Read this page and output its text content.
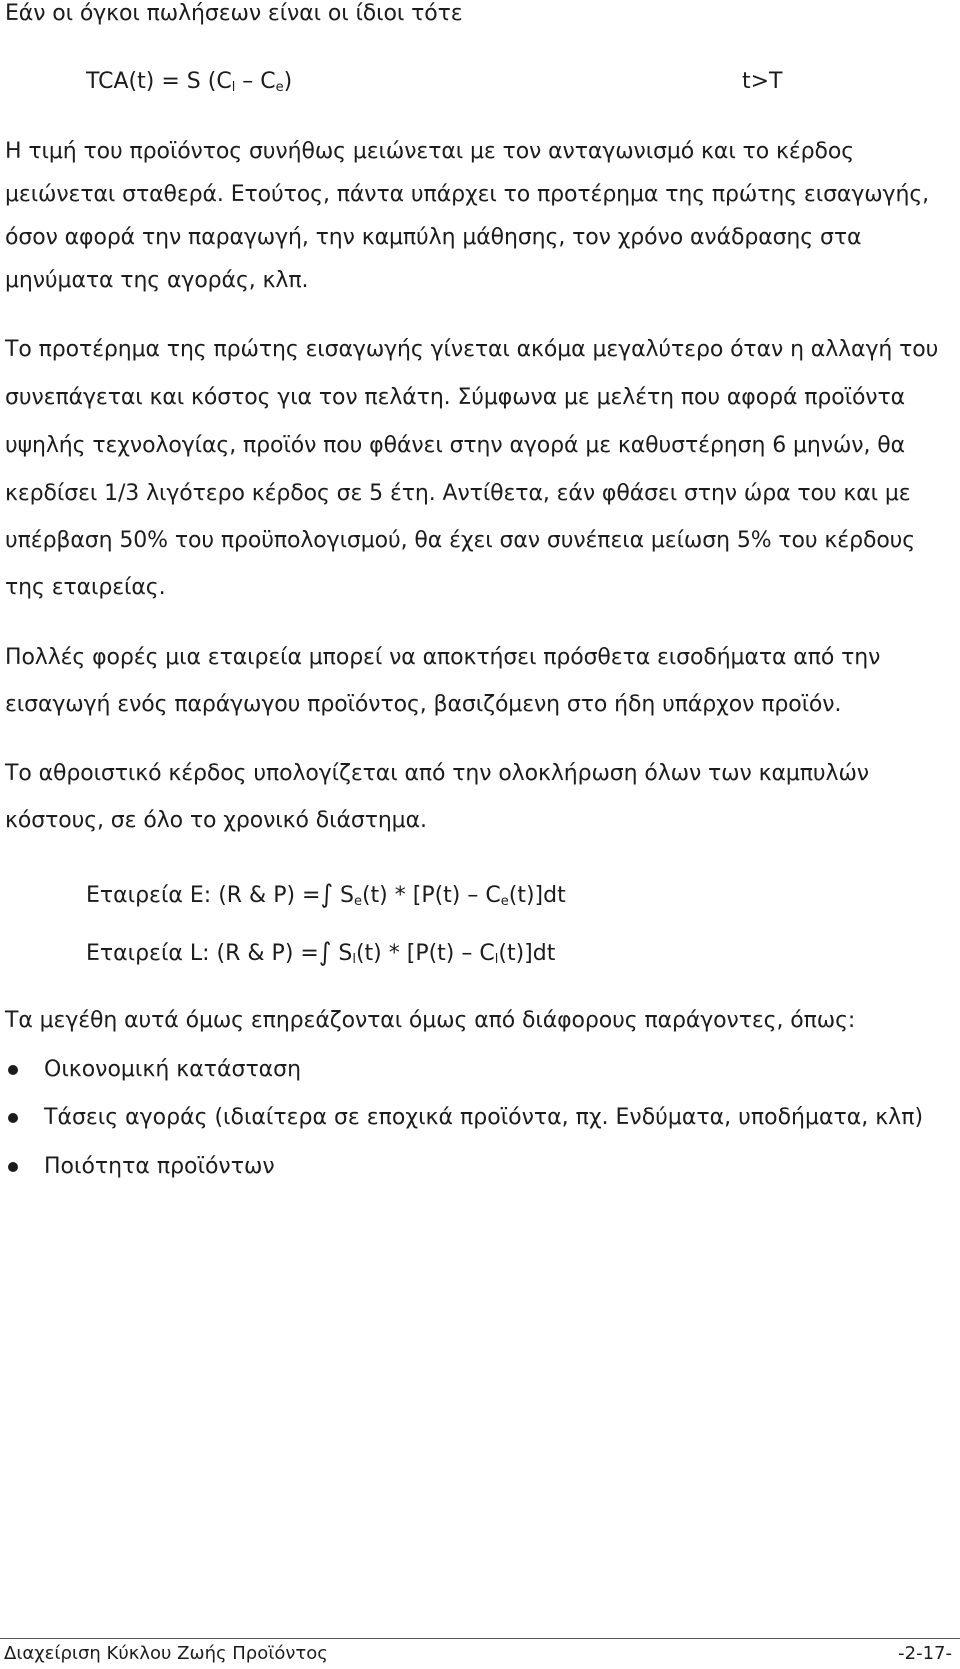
Εάν οι όγκοι πωλήσεων είναι οι ίδιοι τότε
TCA(t) = S $(C_l - C_e)$	t>T
Η τιμή του προϊόντος συνήθως μειώνεται με τον ανταγωνισμό και το κέρδος
μειώνεται σταθερά. Ετούτος, πάντα υπάρχει το προτέρημα της πρώτης εισαγωγής,
όσον αφορά την παραγωγή, την καμπύλη μάθησης, τον χρόνο ανάδρασης στα
μηνύματα της αγοράς, κλπ.
Το προτέρημα της πρώτης εισαγωγής γίνεται ακόμα μεγαλύτερο όταν η αλλαγή του
συνεπάγεται και κόστος για τον πελάτη. Σύμφωνα με μελέτη που αφορά προϊόντα
υψηλής τεχνολογίας, προϊόν που φθάνει στην αγορά με καθυστέρηση 6 μηνών, θα
κερδίσει 1/3 λιγότερο κέρδος σε 5 έτη. Αντίθετα, εάν φθάσει στην ώρα του και με
υπέρβαση 50% του προϋπολογισμού, θα έχει σαν συνέπεια μείωση 5% του κέρδους
της εταιρείας.
Πολλές φορές μια εταιρεία μπορεί να αποκτήσει πρόσθετα εισοδήματα από την
εισαγωγή ενός παράγωγου προϊόντος, βασιζόμενη στο ήδη υπάρχον προϊόν.
Το αθροιστικό κέρδος υπολογίζεται από την ολοκλήρωση όλων των καμπυλών
κόστους, σε όλο το χρονικό διάστημα.
Εταιρεία E: (R & P) =∫ $S_e(t) * [P(t) - C_e(t)]dt$
Εταιρεία L: (R & P) =∫ $S_l(t) * [P(t) - C_l(t)]dt$
Τα μεγέθη αυτά όμως επηρεάζονται όμως από διάφορους παράγοντες, όπως:
Οικονομική κατάσταση
Τάσεις αγοράς (ιδιαίτερα σε εποχικά προϊόντα, πχ. Ενδύματα, υποδήματα, κλπ)
Ποιότητα προϊόντων
Διαχείριση Κύκλου Ζωής Προϊόντος	-2-17-
